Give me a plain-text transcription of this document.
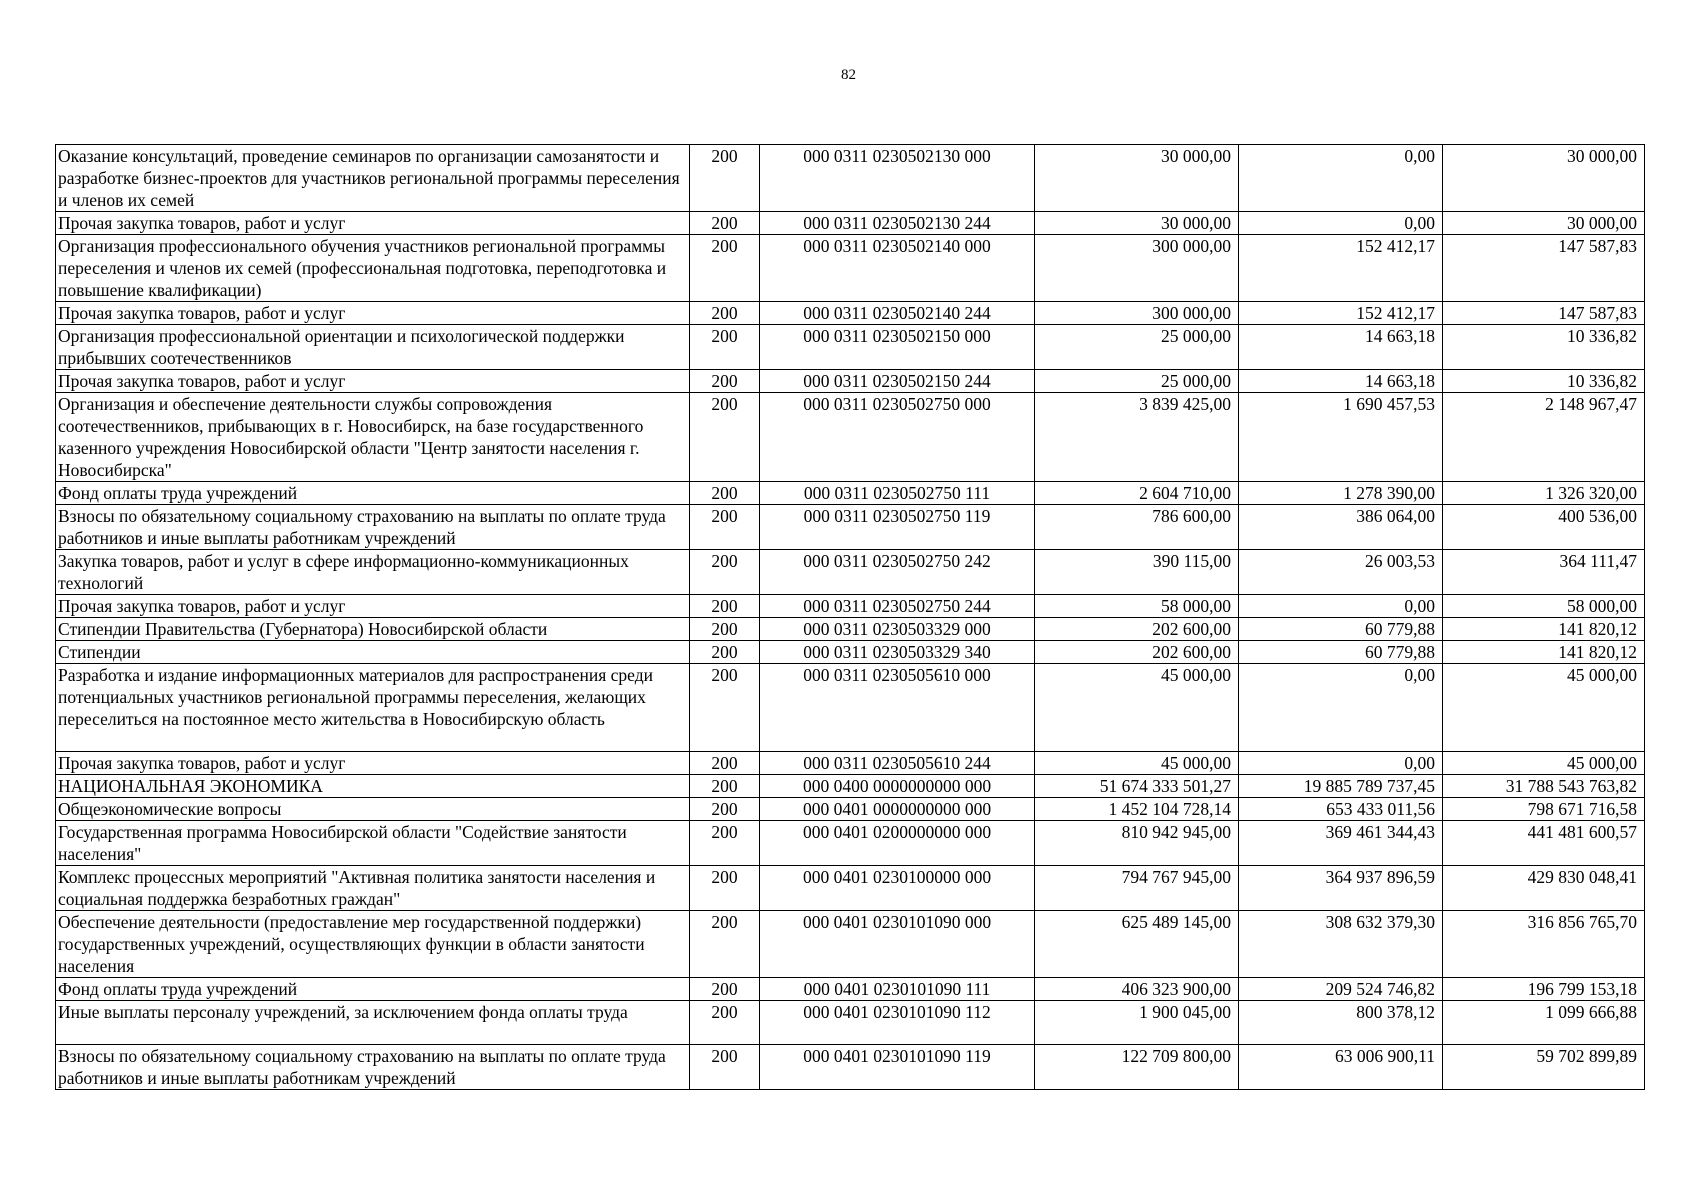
82
Оказание консультаций, проведение семинаров по организации самозанятости и разработке бизнес-проектов для участников региональной программы переселения и членов их семей	200	000 0311 0230502130 000	30 000,00	0,00	30 000,00
Прочая закупка товаров, работ и услуг	200	000 0311 0230502130 244	30 000,00	0,00	30 000,00
Организация профессионального обучения участников региональной программы переселения и членов их семей (профессиональная подготовка, переподготовка и повышение квалификации)	200	000 0311 0230502140 000	300 000,00	152 412,17	147 587,83
Прочая закупка товаров, работ и услуг	200	000 0311 0230502140 244	300 000,00	152 412,17	147 587,83
Организация профессиональной ориентации и психологической поддержки прибывших соотечественников	200	000 0311 0230502150 000	25 000,00	14 663,18	10 336,82
Прочая закупка товаров, работ и услуг	200	000 0311 0230502150 244	25 000,00	14 663,18	10 336,82
Организация и обеспечение деятельности службы сопровождения соотечественников, прибывающих в г. Новосибирск, на базе государственного казенного учреждения Новосибирской области "Центр занятости населения г. Новосибирска"	200	000 0311 0230502750 000	3 839 425,00	1 690 457,53	2 148 967,47
Фонд оплаты труда учреждений	200	000 0311 0230502750 111	2 604 710,00	1 278 390,00	1 326 320,00
Взносы по обязательному социальному страхованию на выплаты по оплате труда работников и иные выплаты работникам учреждений	200	000 0311 0230502750 119	786 600,00	386 064,00	400 536,00
Закупка товаров, работ и услуг в сфере информационно-коммуникационных технологий	200	000 0311 0230502750 242	390 115,00	26 003,53	364 111,47
Прочая закупка товаров, работ и услуг	200	000 0311 0230502750 244	58 000,00	0,00	58 000,00
Стипендии Правительства (Губернатора) Новосибирской области	200	000 0311 0230503329 000	202 600,00	60 779,88	141 820,12
Стипендии	200	000 0311 0230503329 340	202 600,00	60 779,88	141 820,12
Разработка и издание информационных материалов для распространения среди потенциальных участников региональной программы переселения, желающих переселиться на постоянное место жительства в Новосибирскую область	200	000 0311 0230505610 000	45 000,00	0,00	45 000,00
Прочая закупка товаров, работ и услуг	200	000 0311 0230505610 244	45 000,00	0,00	45 000,00
НАЦИОНАЛЬНАЯ ЭКОНОМИКА	200	000 0400 0000000000 000	51 674 333 501,27	19 885 789 737,45	31 788 543 763,82
Общеэкономические вопросы	200	000 0401 0000000000 000	1 452 104 728,14	653 433 011,56	798 671 716,58
Государственная программа Новосибирской области "Содействие занятости населения"	200	000 0401 0200000000 000	810 942 945,00	369 461 344,43	441 481 600,57
Комплекс процессных мероприятий "Активная политика занятости населения и социальная поддержка безработных граждан"	200	000 0401 0230100000 000	794 767 945,00	364 937 896,59	429 830 048,41
Обеспечение деятельности (предоставление мер государственной поддержки) государственных учреждений, осуществляющих функции в области занятости населения	200	000 0401 0230101090 000	625 489 145,00	308 632 379,30	316 856 765,70
Фонд оплаты труда учреждений	200	000 0401 0230101090 111	406 323 900,00	209 524 746,82	196 799 153,18
Иные выплаты персоналу учреждений, за исключением фонда оплаты труда	200	000 0401 0230101090 112	1 900 045,00	800 378,12	1 099 666,88
Взносы по обязательному социальному страхованию на выплаты по оплате труда работников и иные выплаты работникам учреждений	200	000 0401 0230101090 119	122 709 800,00	63 006 900,11	59 702 899,89
